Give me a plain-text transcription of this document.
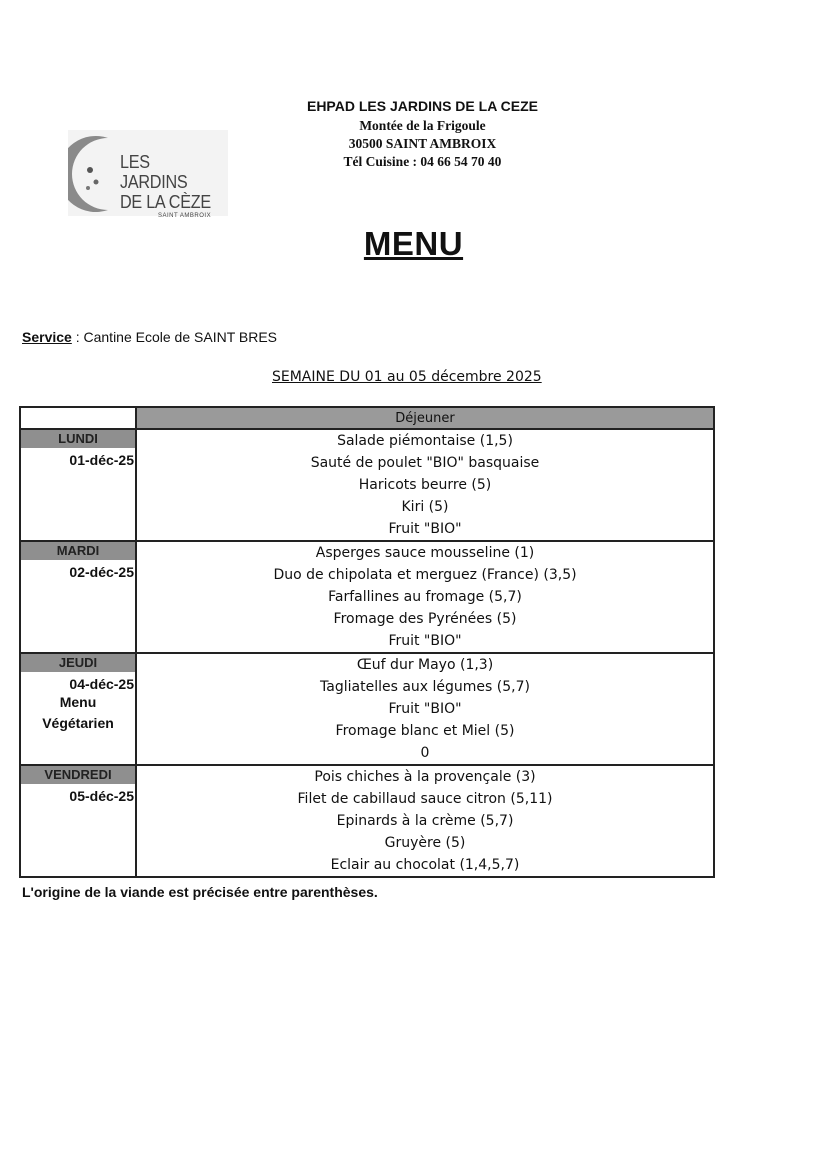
EHPAD LES JARDINS DE LA CEZE
Montée de la Frigoule
30500 SAINT AMBROIX
Tél Cuisine : 04 66 54 70 40
LES JARDINS
DE LA CÈZE
SAINT AMBROIX
MENU
Service : Cantine Ecole de SAINT BRES
SEMAINE DU 01 au 05 décembre 2025
	Déjeuner

LUNDI
01-déc-25	Salade piémontaise (1,5)
Sauté de poulet "BIO" basquaise
Haricots beurre (5)
Kiri (5)
Fruit "BIO"

MARDI
02-déc-25	Asperges sauce mousseline (1)
Duo de chipolata et merguez (France) (3,5)
Farfallines au fromage (5,7)
Fromage des Pyrénées (5)
Fruit "BIO"

JEUDI
04-déc-25
Menu
Végétarien	Œuf dur Mayo (1,3)
Tagliatelles aux légumes (5,7)
Fruit "BIO"
Fromage blanc et Miel (5)
0

VENDREDI
05-déc-25	Pois chiches à la provençale (3)
Filet de cabillaud sauce citron (5,11)
Epinards à la crème (5,7)
Gruyère (5)
Eclair au chocolat (1,4,5,7)
L'origine de la viande est précisée entre parenthèses.
